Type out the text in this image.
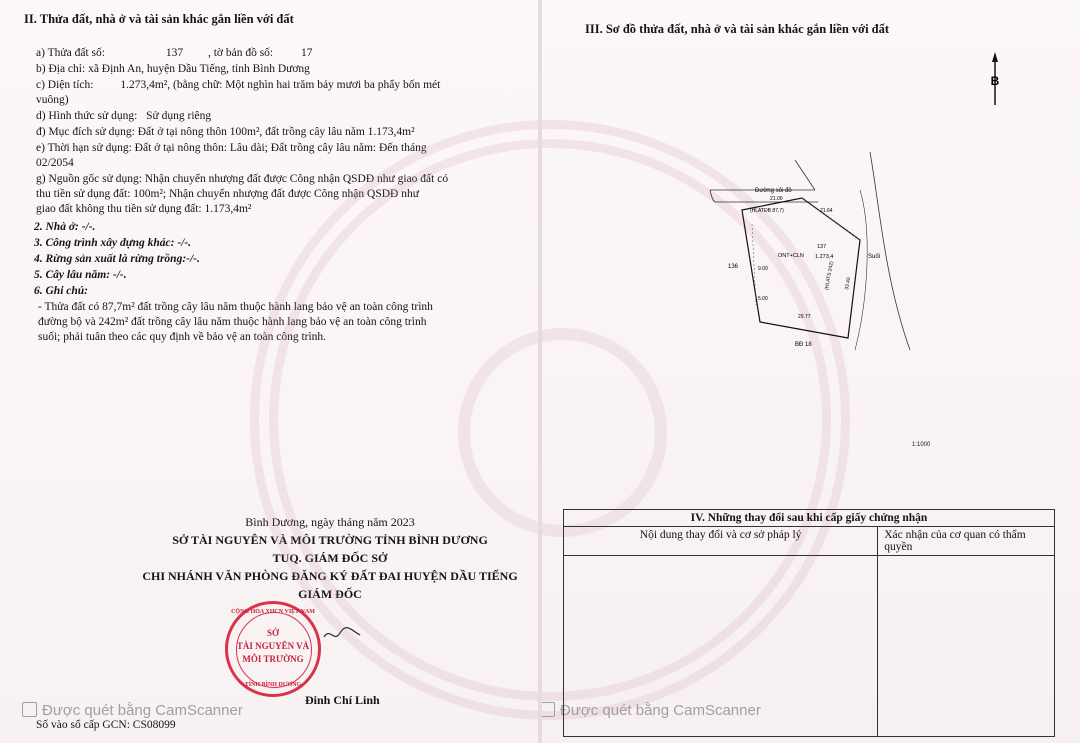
II. Thửa đất, nhà ở và tài sản khác gắn liền với đất
a) Thửa đất số:	137 , tờ bản đồ số: 17
b) Địa chỉ: xã Định An, huyện Dầu Tiếng, tỉnh Bình Dương
c) Diện tích: 1.273,4m², (bằng chữ: Một nghìn hai trăm bảy mươi ba phẩy bốn mét
vuông)
d) Hình thức sử dụng: Sử dụng riêng
đ) Mục đích sử dụng: Đất ở tại nông thôn 100m², đất trồng cây lâu năm 1.173,4m²
e) Thời hạn sử dụng: Đất ở tại nông thôn: Lâu dài; Đất trồng cây lâu năm: Đến tháng
02/2054
g) Nguồn gốc sử dụng: Nhận chuyển nhượng đất được Công nhận QSDĐ như giao đất có
thu tiền sử dụng đất: 100m²; Nhận chuyển nhượng đất được Công nhận QSDĐ như
giao đất không thu tiền sử dụng đất: 1.173,4m²
2. Nhà ở: -/-.
3. Công trình xây dựng khác: -/-.
4. Rừng sản xuất là rừng trồng:-/-.
5. Cây lâu năm: -/-.
6. Ghi chú:
- Thửa đất có 87,7m² đất trồng cây lâu năm thuộc hành lang bảo vệ an toàn công trình
đường bộ và 242m² đất trồng cây lâu năm thuộc hành lang bảo vệ an toàn công trình
suối; phải tuân theo các quy định về bảo vệ an toàn công trình.
Bình Dương, ngày tháng năm 2023
SỞ TÀI NGUYÊN VÀ MÔI TRƯỜNG TỈNH BÌNH DƯƠNG
TUQ. GIÁM ĐỐC SỞ
CHI NHÁNH VĂN PHÒNG ĐĂNG KÝ ĐẤT ĐAI HUYỆN DẦU TIẾNG
GIÁM ĐỐC
CỘNG HÒA XHCN VIỆT NAM
SỞ
TÀI NGUYÊN VÀ
MÔI TRƯỜNG
TỈNH BÌNH DƯƠNG
Đinh Chí Linh
Được quét bằng CamScanner
Số vào sổ cấp GCN: CS08099
III. Sơ đồ thửa đất, nhà ở và tài sản khác gắn liền với đất
Được quét bằng CamScanner
B
Đường sỏi đỏ
21.00
(HLATĐB 87,7)
137
ONT+CLN 1.273,4
136
Suối
9.00
5.00
21.64
29.77
33.40
(HLATS 242)
BĐ 18
1:1000
IV. Những thay đổi sau khi cấp giấy chứng nhận	
Nội dung thay đổi và cơ sở pháp lý	Xác nhận của cơ quan có thẩm quyền
